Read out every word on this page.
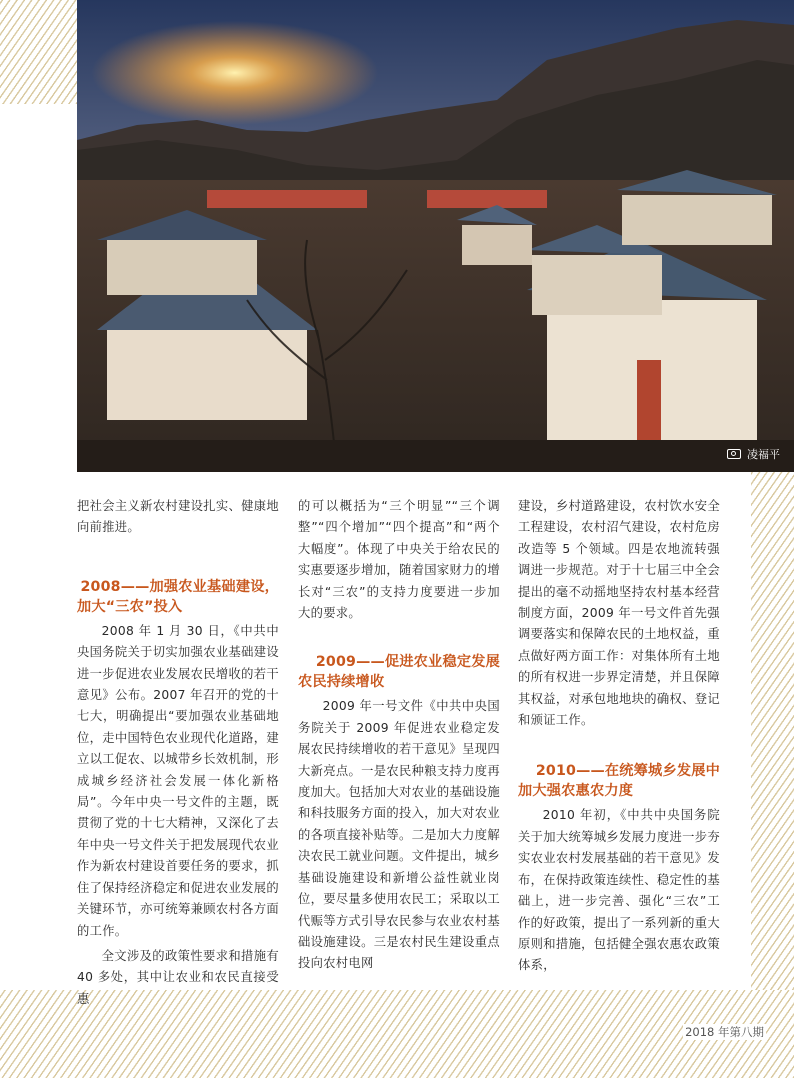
凌福平

把社会主义新农村建设扎实、健康地向前推进。

2008——加强农业基础建设，
加大“三农”投入

2008 年 1 月 30 日，《中共中央国务院关于切实加强农业基础建设进一步促进农业发展农民增收的若干意见》公布。2007 年召开的党的十七大，明确提出“要加强农业基础地位，走中国特色农业现代化道路，建立以工促农、以城带乡长效机制，形成城乡经济社会发展一体化新格局”。今年中央一号文件的主题，既贯彻了党的十七大精神，又深化了去年中央一号文件关于把发展现代农业作为新农村建设首要任务的要求，抓住了保持经济稳定和促进农业发展的关键环节，亦可统筹兼顾农村各方面的工作。

全文涉及的政策性要求和措施有 40 多处，其中让农业和农民直接受惠

的可以概括为“三个明显”“三个调整”“四个增加”“四个提高”和“两个大幅度”。体现了中央关于给农民的实惠要逐步增加，随着国家财力的增长对“三农”的支持力度要进一步加大的要求。

2009——促进农业稳定发展
农民持续增收

2009 年一号文件《中共中央国务院关于 2009 年促进农业稳定发展农民持续增收的若干意见》呈现四大新亮点。一是农民种粮支持力度再度加大。包括加大对农业的基础设施和科技服务方面的投入，加大对农业的各项直接补贴等。二是加大力度解决农民工就业问题。文件提出，城乡基础设施建设和新增公益性就业岗位，要尽量多使用农民工；采取以工代赈等方式引导农民参与农业农村基础设施建设。三是农村民生建设重点投向农村电网

建设，乡村道路建设，农村饮水安全工程建设，农村沼气建设，农村危房改造等 5 个领域。四是农地流转强调进一步规范。对于十七届三中全会提出的毫不动摇地坚持农村基本经营制度方面，2009 年一号文件首先强调要落实和保障农民的土地权益，重点做好两方面工作：对集体所有土地的所有权进一步界定清楚，并且保障其权益，对承包地地块的确权、登记和颁证工作。

2010——在统筹城乡发展中
加大强农惠农力度

2010 年初，《中共中央国务院关于加大统筹城乡发展力度进一步夯实农业农村发展基础的若干意见》发布，在保持政策连续性、稳定性的基础上，进一步完善、强化“三农”工作的好政策，提出了一系列新的重大原则和措施，包括健全强农惠农政策体系，

2018 年第八期
